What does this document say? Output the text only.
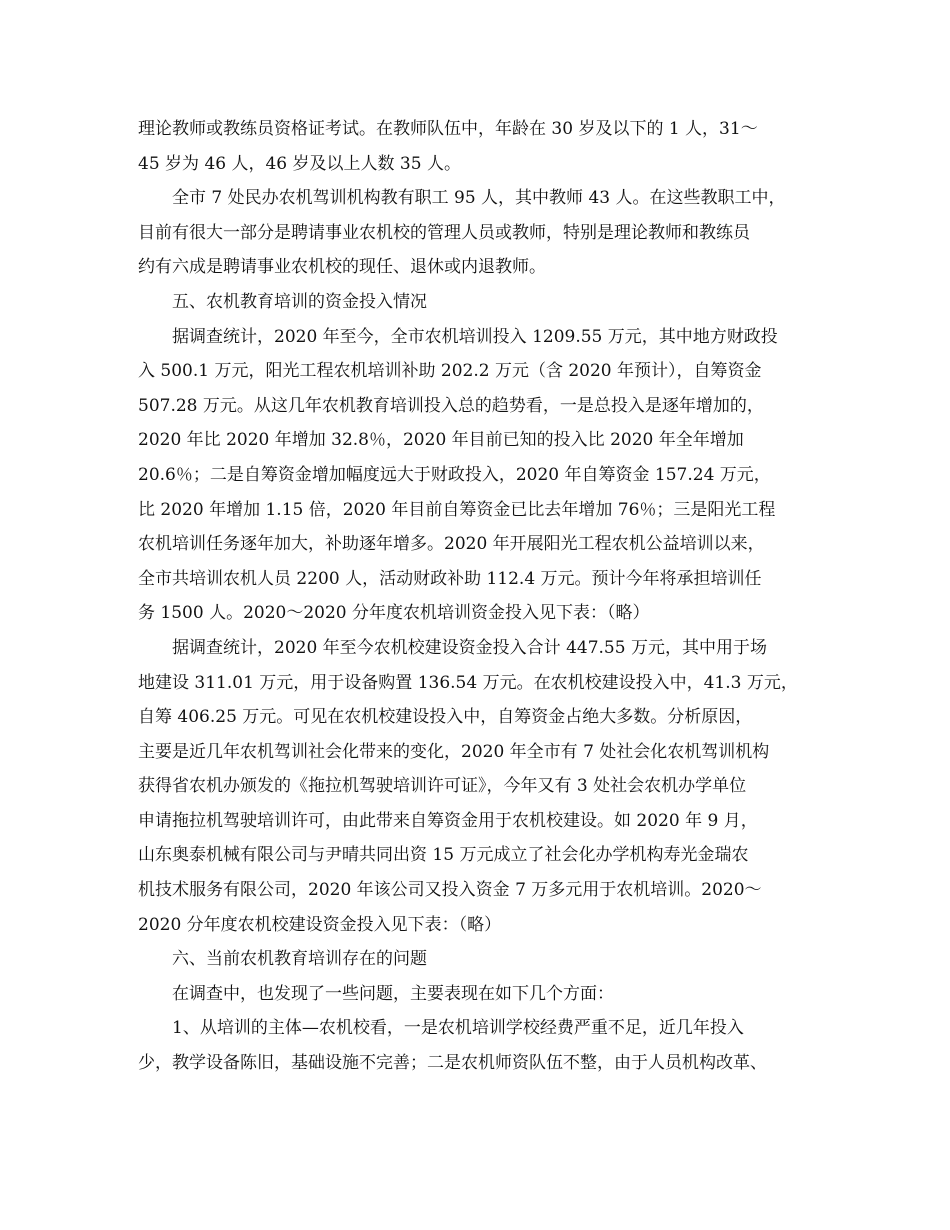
理论教师或教练员资格证考试。在教师队伍中，年龄在 30 岁及以下的 1 人，31～
45 岁为 46 人，46 岁及以上人数 35 人。
全市 7 处民办农机驾训机构教有职工 95 人，其中教师 43 人。在这些教职工中，
目前有很大一部分是聘请事业农机校的管理人员或教师，特别是理论教师和教练员
约有六成是聘请事业农机校的现任、退休或内退教师。
五、农机教育培训的资金投入情况
据调查统计，2020 年至今，全市农机培训投入 1209.55 万元，其中地方财政投
入 500.1 万元，阳光工程农机培训补助 202.2 万元（含 2020 年预计），自筹资金
507.28 万元。从这几年农机教育培训投入总的趋势看，一是总投入是逐年增加的，
2020 年比 2020 年增加 32.8％，2020 年目前已知的投入比 2020 年全年增加
20.6％；二是自筹资金增加幅度远大于财政投入，2020 年自筹资金 157.24 万元，
比 2020 年增加 1.15 倍，2020 年目前自筹资金已比去年增加 76％；三是阳光工程
农机培训任务逐年加大，补助逐年增多。2020 年开展阳光工程农机公益培训以来，
全市共培训农机人员 2200 人，活动财政补助 112.4 万元。预计今年将承担培训任
务 1500 人。2020～2020 分年度农机培训资金投入见下表：（略）
据调查统计，2020 年至今农机校建设资金投入合计 447.55 万元，其中用于场
地建设 311.01 万元，用于设备购置 136.54 万元。在农机校建设投入中，41.3 万元，
自筹 406.25 万元。可见在农机校建设投入中，自筹资金占绝大多数。分析原因，
主要是近几年农机驾训社会化带来的变化，2020 年全市有 7 处社会化农机驾训机构
获得省农机办颁发的《拖拉机驾驶培训许可证》，今年又有 3 处社会农机办学单位
申请拖拉机驾驶培训许可，由此带来自筹资金用于农机校建设。如 2020 年 9 月，
山东奥泰机械有限公司与尹晴共同出资 15 万元成立了社会化办学机构寿光金瑞农
机技术服务有限公司，2020 年该公司又投入资金 7 万多元用于农机培训。2020～
2020 分年度农机校建设资金投入见下表：（略）
六、当前农机教育培训存在的问题
在调查中，也发现了一些问题，主要表现在如下几个方面：
1、从培训的主体—农机校看，一是农机培训学校经费严重不足，近几年投入
少，教学设备陈旧，基础设施不完善；二是农机师资队伍不整，由于人员机构改革、
